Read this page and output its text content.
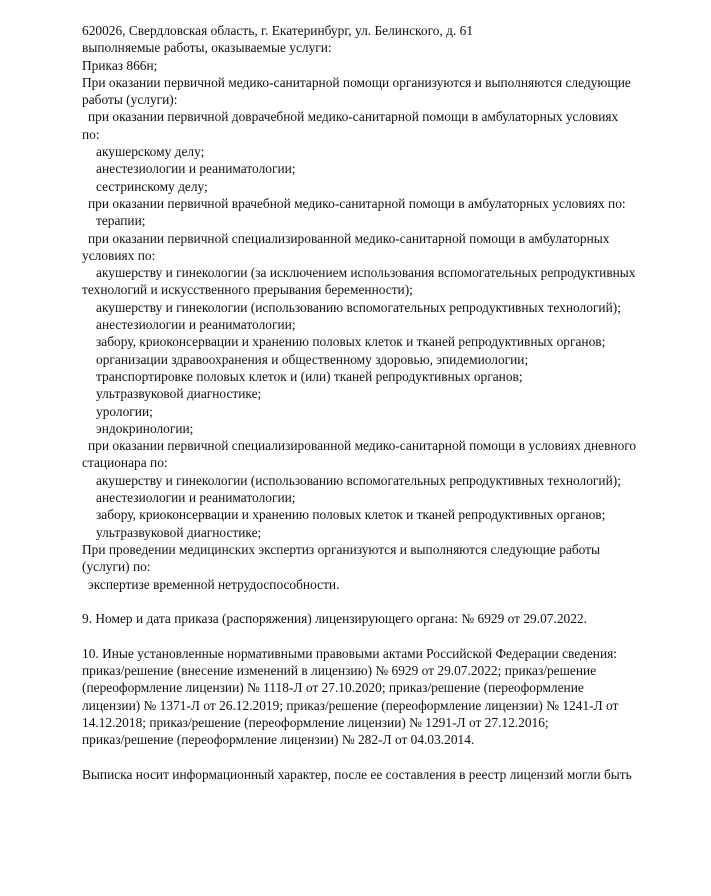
620026, Свердловская область, г. Екатеринбург, ул. Белинского, д. 61
выполняемые работы, оказываемые услуги:
Приказ 866н;
При оказании первичной медико-санитарной помощи организуются и выполняются следующие
работы (услуги):
при оказании первичной доврачебной медико-санитарной помощи в амбулаторных условиях
по:
акушерскому делу;
анестезиологии и реаниматологии;
сестринскому делу;
при оказании первичной врачебной медико-санитарной помощи в амбулаторных условиях по:
терапии;
при оказании первичной специализированной медико-санитарной помощи в амбулаторных
условиях по:
акушерству и гинекологии (за исключением использования вспомогательных репродуктивных
технологий и искусственного прерывания беременности);
акушерству и гинекологии (использованию вспомогательных репродуктивных технологий);
анестезиологии и реаниматологии;
забору, криоконсервации и хранению половых клеток и тканей репродуктивных органов;
организации здравоохранения и общественному здоровью, эпидемиологии;
транспортировке половых клеток и (или) тканей репродуктивных органов;
ультразвуковой диагностике;
урологии;
эндокринологии;
при оказании первичной специализированной медико-санитарной помощи в условиях дневного
стационара по:
акушерству и гинекологии (использованию вспомогательных репродуктивных технологий);
анестезиологии и реаниматологии;
забору, криоконсервации и хранению половых клеток и тканей репродуктивных органов;
ультразвуковой диагностике;
При проведении медицинских экспертиз организуются и выполняются следующие работы
(услуги) по:
экспертизе временной нетрудоспособности.
9. Номер и дата приказа (распоряжения) лицензирующего органа: № 6929 от 29.07.2022.
10. Иные установленные нормативными правовыми актами Российской Федерации сведения:
приказ/решение (внесение изменений в лицензию) № 6929 от 29.07.2022; приказ/решение
(переоформление лицензии) № 1118-Л от 27.10.2020; приказ/решение (переоформление
лицензии) № 1371-Л от 26.12.2019; приказ/решение (переоформление лицензии) № 1241-Л от
14.12.2018; приказ/решение (переоформление лицензии) № 1291-Л от 27.12.2016;
приказ/решение (переоформление лицензии) № 282-Л от 04.03.2014.
Выписка носит информационный характер, после ее составления в реестр лицензий могли быть
